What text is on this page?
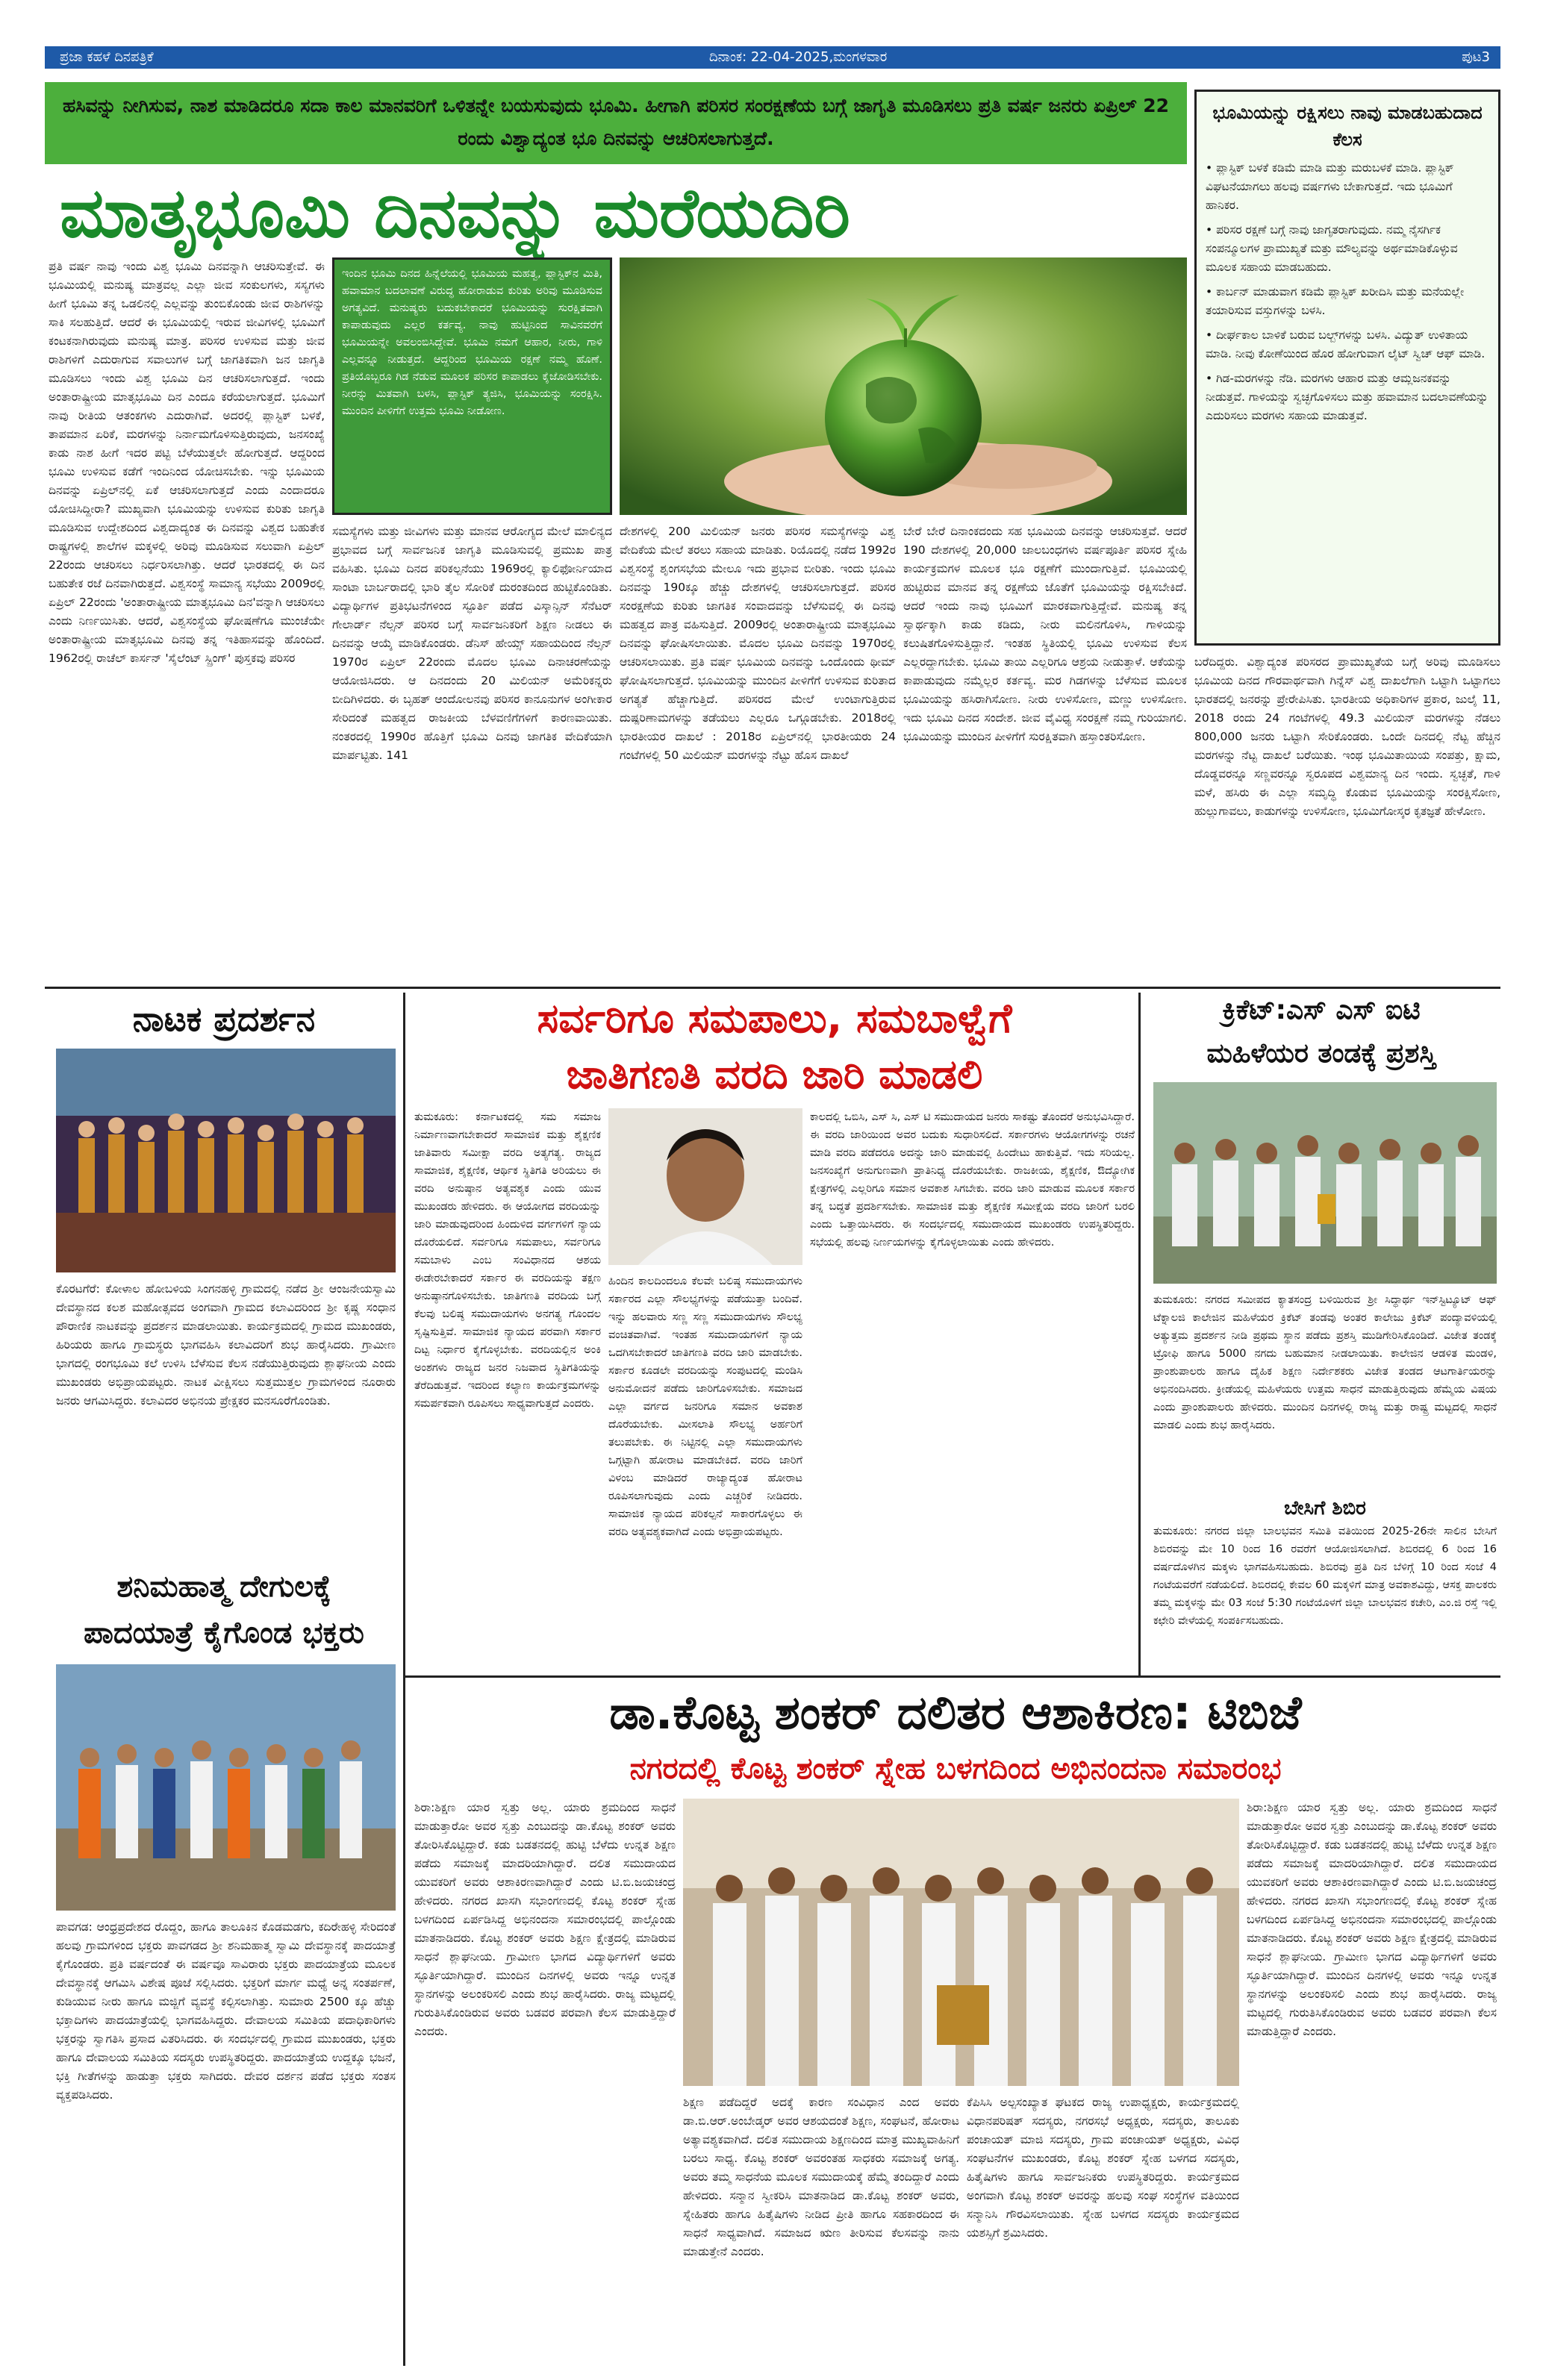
ಪ್ರಜಾ ಕಹಳೆ ದಿನಪತ್ರಿಕೆ	ದಿನಾಂಕ: 22-04-2025,ಮಂಗಳವಾರ	ಪುಟ3
ಹಸಿವನ್ನು ನೀಗಿಸುವ, ನಾಶ ಮಾಡಿದರೂ ಸದಾ ಕಾಲ ಮಾನವರಿಗೆ ಒಳಿತನ್ನೇ ಬಯಸುವುದು ಭೂಮಿ. ಹೀಗಾಗಿ ಪರಿಸರ ಸಂರಕ್ಷಣೆಯ ಬಗ್ಗೆ ಜಾಗೃತಿ ಮೂಡಿಸಲು ಪ್ರತಿ ವರ್ಷ ಜನರು ಏಪ್ರಿಲ್ 22 ರಂದು ವಿಶ್ವಾದ್ಯಂತ ಭೂ ದಿನವನ್ನು ಆಚರಿಸಲಾಗುತ್ತದೆ.
ಮಾತೃಭೂಮಿ ದಿನವನ್ನು ಮರೆಯದಿರಿ
ಪ್ರತಿ ವರ್ಷ ನಾವು ಇಂದು ವಿಶ್ವ ಭೂಮಿ ದಿನವನ್ನಾಗಿ ಆಚರಿಸುತ್ತೇವೆ. ಈ ಭೂಮಿಯಲ್ಲಿ ಮನುಷ್ಯ ಮಾತ್ರವಲ್ಲ ಎಲ್ಲಾ ಜೀವ ಸಂಕುಲಗಳು, ಸಸ್ಯಗಳು ಹೀಗೆ ಭೂಮಿ ತನ್ನ ಒಡಲಿನಲ್ಲಿ ಎಲ್ಲವನ್ನು ತುಂಬಿಕೊಂಡು ಜೀವ ರಾಶಿಗಳನ್ನು ಸಾಕಿ ಸಲಹುತ್ತಿದೆ. ಆದರೆ ಈ ಭೂಮಿಯಲ್ಲಿ ಇರುವ ಜೀವಿಗಳಲ್ಲಿ ಭೂಮಿಗೆ ಕಂಟಕನಾಗಿರುವುದು ಮನುಷ್ಯ ಮಾತ್ರ. ಪರಿಸರ ಉಳಿಸುವ ಮತ್ತು ಜೀವ ರಾಶಿಗಳಿಗೆ ಎದುರಾಗುವ ಸವಾಲುಗಳ ಬಗ್ಗೆ ಜಾಗತಿಕವಾಗಿ ಜನ ಜಾಗೃತಿ ಮೂಡಿಸಲು ಇಂದು ವಿಶ್ವ ಭೂಮಿ ದಿನ ಆಚರಿಸಲಾಗುತ್ತದೆ. ಇಂದು ಅಂತಾರಾಷ್ಟ್ರೀಯ ಮಾತೃಭೂಮಿ ದಿನ ಎಂದೂ ಕರೆಯಲಾಗುತ್ತದೆ. ಭೂಮಿಗೆ ನಾವು ರೀತಿಯ ಆತಂಕಗಳು ಎದುರಾಗಿವೆ. ಅದರಲ್ಲಿ ಪ್ಲಾಸ್ಟಿಕ್ ಬಳಕೆ, ತಾಪಮಾನ ಏರಿಕೆ, ಮರಗಳನ್ನು ನಿರ್ನಾಮಗೊಳಿಸುತ್ತಿರುವುದು, ಜನಸಂಖ್ಯೆ ಕಾಡು ನಾಶ ಹೀಗೆ ಇದರ ಪಟ್ಟಿ ಬೆಳೆಯುತ್ತಲೇ ಹೋಗುತ್ತದೆ. ಆದ್ದರಿಂದ ಭೂಮಿ ಉಳಿಸುವ ಕಡೆಗೆ ಇಂದಿನಿಂದ ಯೋಚಿಸಬೇಕು. ಇನ್ನು ಭೂಮಿಯ ದಿನವನ್ನು ಏಪ್ರಿಲ್‌ನಲ್ಲಿ ಏಕೆ ಆಚರಿಸಲಾಗುತ್ತದೆ ಎಂದು ಎಂದಾದರೂ ಯೋಚಿಸಿದ್ದೀರಾ? ಮುಖ್ಯವಾಗಿ ಭೂಮಿಯನ್ನು ಉಳಿಸುವ ಕುರಿತು ಜಾಗೃತಿ ಮೂಡಿಸುವ ಉದ್ದೇಶದಿಂದ ವಿಶ್ವದಾದ್ಯಂತ ಈ ದಿನವನ್ನು ವಿಶ್ವದ ಬಹುತೇಕ ರಾಷ್ಟ್ರಗಳಲ್ಲಿ ಶಾಲೆಗಳ ಮಕ್ಕಳಲ್ಲಿ ಅರಿವು ಮೂಡಿಸುವ ಸಲುವಾಗಿ ಏಪ್ರಿಲ್ 22ರಂದು ಆಚರಿಸಲು ನಿರ್ಧರಿಸಲಾಗಿತ್ತು. ಆದರೆ ಭಾರತದಲ್ಲಿ ಈ ದಿನ ಬಹುತೇಕ ರಜೆ ದಿನವಾಗಿರುತ್ತದೆ. ವಿಶ್ವಸಂಸ್ಥೆ ಸಾಮಾನ್ಯ ಸಭೆಯು 2009ರಲ್ಲಿ ಏಪ್ರಿಲ್ 22ರಂದು 'ಅಂತಾರಾಷ್ಟ್ರೀಯ ಮಾತೃಭೂಮಿ ದಿನ'ವನ್ನಾಗಿ ಆಚರಿಸಲು ಎಂದು ನಿರ್ಣಯಿಸಿತು. ಆದರೆ, ವಿಶ್ವಸಂಸ್ಥೆಯ ಘೋಷಣೆಗೂ ಮುಂಚೆಯೇ ಅಂತಾರಾಷ್ಟ್ರೀಯ ಮಾತೃಭೂಮಿ ದಿನವು ತನ್ನ ಇತಿಹಾಸವನ್ನು ಹೊಂದಿದೆ. 1962ರಲ್ಲಿ ರಾಚೆಲ್ ಕಾರ್ಸನ್ 'ಸೈಲೆಂಟ್ ಸ್ಪ್ರಿಂಗ್' ಪುಸ್ತಕವು ಪರಿಸರ
ಇಂದಿನ ಭೂಮಿ ದಿನದ ಹಿನ್ನೆಲೆಯಲ್ಲಿ ಭೂಮಿಯ ಮಹತ್ವ, ಪ್ಲಾಸ್ಟಿಕ್‌ನ ಮಿತಿ, ಹವಾಮಾನ ಬದಲಾವಣೆ ವಿರುದ್ಧ ಹೋರಾಡುವ ಕುರಿತು ಅರಿವು ಮೂಡಿಸುವ ಅಗತ್ಯವಿದೆ. ಮನುಷ್ಯರು ಬದುಕಬೇಕಾದರೆ ಭೂಮಿಯನ್ನು ಸುರಕ್ಷಿತವಾಗಿ ಕಾಪಾಡುವುದು ಎಲ್ಲರ ಕರ್ತವ್ಯ. ನಾವು ಹುಟ್ಟಿನಿಂದ ಸಾವಿನವರೆಗೆ ಭೂಮಿಯನ್ನೇ ಅವಲಂಬಿಸಿದ್ದೇವೆ. ಭೂಮಿ ನಮಗೆ ಆಹಾರ, ನೀರು, ಗಾಳಿ ಎಲ್ಲವನ್ನೂ ನೀಡುತ್ತದೆ. ಆದ್ದರಿಂದ ಭೂಮಿಯ ರಕ್ಷಣೆ ನಮ್ಮ ಹೊಣೆ. ಪ್ರತಿಯೊಬ್ಬರೂ ಗಿಡ ನೆಡುವ ಮೂಲಕ ಪರಿಸರ ಕಾಪಾಡಲು ಕೈಜೋಡಿಸಬೇಕು. ನೀರನ್ನು ಮಿತವಾಗಿ ಬಳಸಿ, ಪ್ಲಾಸ್ಟಿಕ್ ತ್ಯಜಿಸಿ, ಭೂಮಿಯನ್ನು ಸಂರಕ್ಷಿಸಿ. ಮುಂದಿನ ಪೀಳಿಗೆಗೆ ಉತ್ತಮ ಭೂಮಿ ನೀಡೋಣ.
ಸಮಸ್ಯೆಗಳು ಮತ್ತು ಜೀವಿಗಳು ಮತ್ತು ಮಾನವ ಆರೋಗ್ಯದ ಮೇಲೆ ಮಾಲಿನ್ಯದ ಪ್ರಭಾವದ ಬಗ್ಗೆ ಸಾರ್ವಜನಿಕ ಜಾಗೃತಿ ಮೂಡಿಸುವಲ್ಲಿ ಪ್ರಮುಖ ಪಾತ್ರ ವಹಿಸಿತು. ಭೂಮಿ ದಿನದ ಪರಿಕಲ್ಪನೆಯು 1969ರಲ್ಲಿ ಕ್ಯಾಲಿಫೋರ್ನಿಯಾದ ಸಾಂಟಾ ಬಾರ್ಬರಾದಲ್ಲಿ ಭಾರಿ ತೈಲ ಸೋರಿಕೆ ದುರಂತದಿಂದ ಹುಟ್ಟಿಕೊಂಡಿತು. ವಿದ್ಯಾರ್ಥಿಗಳ ಪ್ರತಿಭಟನೆಗಳಿಂದ ಸ್ಫೂರ್ತಿ ಪಡೆದ ವಿಸ್ಕಾನ್ಸಿನ್ ಸೆನೆಟರ್ ಗೇಲಾರ್ಡ್ ನೆಲ್ಸನ್ ಪರಿಸರ ಬಗ್ಗೆ ಸಾರ್ವಜನಿಕರಿಗೆ ಶಿಕ್ಷಣ ನೀಡಲು ಈ ದಿನವನ್ನು ಆಯ್ಕೆ ಮಾಡಿಕೊಂಡರು. ಡೆನಿಸ್ ಹೇಯ್ಸ್ ಸಹಾಯದಿಂದ ನೆಲ್ಸನ್ 1970ರ ಏಪ್ರಿಲ್ 22ರಂದು ಮೊದಲ ಭೂಮಿ ದಿನಾಚರಣೆಯನ್ನು ಆಯೋಜಿಸಿದರು. ಆ ದಿನದಂದು 20 ಮಿಲಿಯನ್ ಅಮೆರಿಕನ್ನರು ಬೀದಿಗಿಳಿದರು. ಈ ಬೃಹತ್ ಆಂದೋಲನವು ಪರಿಸರ ಕಾನೂನುಗಳ ಅಂಗೀಕಾರ ಸೇರಿದಂತೆ ಮಹತ್ವದ ರಾಜಕೀಯ ಬೆಳವಣಿಗೆಗಳಿಗೆ ಕಾರಣವಾಯಿತು. ನಂತರದಲ್ಲಿ 1990ರ ಹೊತ್ತಿಗೆ ಭೂಮಿ ದಿನವು ಜಾಗತಿಕ ವೇದಿಕೆಯಾಗಿ ಮಾರ್ಪಟ್ಟಿತು. 141
ದೇಶಗಳಲ್ಲಿ 200 ಮಿಲಿಯನ್ ಜನರು ಪರಿಸರ ಸಮಸ್ಯೆಗಳನ್ನು ವಿಶ್ವ ವೇದಿಕೆಯ ಮೇಲೆ ತರಲು ಸಹಾಯ ಮಾಡಿತು. ರಿಯೊದಲ್ಲಿ ನಡೆದ 1992ರ ವಿಶ್ವಸಂಸ್ಥೆ ಶೃಂಗಸಭೆಯ ಮೇಲೂ ಇದು ಪ್ರಭಾವ ಬೀರಿತು. ಇಂದು ಭೂಮಿ ದಿನವನ್ನು 190ಕ್ಕೂ ಹೆಚ್ಚು ದೇಶಗಳಲ್ಲಿ ಆಚರಿಸಲಾಗುತ್ತದೆ. ಪರಿಸರ ಸಂರಕ್ಷಣೆಯ ಕುರಿತು ಜಾಗತಿಕ ಸಂವಾದವನ್ನು ಬೆಳೆಸುವಲ್ಲಿ ಈ ದಿನವು ಮಹತ್ವದ ಪಾತ್ರ ವಹಿಸುತ್ತಿದೆ. 2009ರಲ್ಲಿ ಅಂತಾರಾಷ್ಟ್ರೀಯ ಮಾತೃಭೂಮಿ ದಿನವನ್ನು ಘೋಷಿಸಲಾಯಿತು. ಮೊದಲ ಭೂಮಿ ದಿನವನ್ನು 1970ರಲ್ಲಿ ಆಚರಿಸಲಾಯಿತು. ಪ್ರತಿ ವರ್ಷ ಭೂಮಿಯ ದಿನವನ್ನು ಒಂದೊಂದು ಥೀಮ್ ಘೋಷಿಸಲಾಗುತ್ತದೆ. ಭೂಮಿಯನ್ನು ಮುಂದಿನ ಪೀಳಿಗೆಗೆ ಉಳಿಸುವ ಕುರಿತಾದ ಅಗತ್ಯತೆ ಹೆಚ್ಚಾಗುತ್ತಿದೆ. ಪರಿಸರದ ಮೇಲೆ ಉಂಟಾಗುತ್ತಿರುವ ದುಷ್ಪರಿಣಾಮಗಳನ್ನು ತಡೆಯಲು ಎಲ್ಲರೂ ಒಗ್ಗೂಡಬೇಕು. 2018ರಲ್ಲಿ ಭಾರತೀಯರ ದಾಖಲೆ : 2018ರ ಏಪ್ರಿಲ್‌ನಲ್ಲಿ ಭಾರತೀಯರು 24 ಗಂಟೆಗಳಲ್ಲಿ 50 ಮಿಲಿಯನ್ ಮರಗಳನ್ನು ನೆಟ್ಟು ಹೊಸ ದಾಖಲೆ
ಬೇರೆ ಬೇರೆ ದಿನಾಂಕದಂದು ಸಹ ಭೂಮಿಯ ದಿನವನ್ನು ಆಚರಿಸುತ್ತವೆ. ಆದರೆ 190 ದೇಶಗಳಲ್ಲಿ 20,000 ಜಾಲಬಂಧಗಳು ವರ್ಷಪೂರ್ತಿ ಪರಿಸರ ಸ್ನೇಹಿ ಕಾರ್ಯಕ್ರಮಗಳ ಮೂಲಕ ಭೂ ರಕ್ಷಣೆಗೆ ಮುಂದಾಗುತ್ತಿವೆ. ಭೂಮಿಯಲ್ಲಿ ಹುಟ್ಟಿರುವ ಮಾನವ ತನ್ನ ರಕ್ಷಣೆಯ ಜೊತೆಗೆ ಭೂಮಿಯನ್ನು ರಕ್ಷಿಸಬೇಕಿದೆ. ಆದರೆ ಇಂದು ನಾವು ಭೂಮಿಗೆ ಮಾರಕವಾಗುತ್ತಿದ್ದೇವೆ. ಮನುಷ್ಯ ತನ್ನ ಸ್ವಾರ್ಥಕ್ಕಾಗಿ ಕಾಡು ಕಡಿದು, ನೀರು ಮಲಿನಗೊಳಿಸಿ, ಗಾಳಿಯನ್ನು ಕಲುಷಿತಗೊಳಿಸುತ್ತಿದ್ದಾನೆ. ಇಂತಹ ಸ್ಥಿತಿಯಲ್ಲಿ ಭೂಮಿ ಉಳಿಸುವ ಕೆಲಸ ಎಲ್ಲರದ್ದಾಗಬೇಕು. ಭೂಮಿ ತಾಯಿ ಎಲ್ಲರಿಗೂ ಆಶ್ರಯ ನೀಡುತ್ತಾಳೆ. ಆಕೆಯನ್ನು ಕಾಪಾಡುವುದು ನಮ್ಮೆಲ್ಲರ ಕರ್ತವ್ಯ. ಮರ ಗಿಡಗಳನ್ನು ಬೆಳೆಸುವ ಮೂಲಕ ಭೂಮಿಯನ್ನು ಹಸಿರಾಗಿಸೋಣ. ನೀರು ಉಳಿಸೋಣ, ಮಣ್ಣು ಉಳಿಸೋಣ. ಇದು ಭೂಮಿ ದಿನದ ಸಂದೇಶ. ಜೀವ ವೈವಿಧ್ಯ ಸಂರಕ್ಷಣೆ ನಮ್ಮ ಗುರಿಯಾಗಲಿ. ಭೂಮಿಯನ್ನು ಮುಂದಿನ ಪೀಳಿಗೆಗೆ ಸುರಕ್ಷಿತವಾಗಿ ಹಸ್ತಾಂತರಿಸೋಣ.
ಭೂಮಿಯನ್ನು ರಕ್ಷಿಸಲು ನಾವು ಮಾಡಬಹುದಾದ ಕೆಲಸ
• ಪ್ಲಾಸ್ಟಿಕ್ ಬಳಕೆ ಕಡಿಮೆ ಮಾಡಿ ಮತ್ತು ಮರುಬಳಕೆ ಮಾಡಿ. ಪ್ಲಾಸ್ಟಿಕ್ ವಿಘಟನೆಯಾಗಲು ಹಲವು ವರ್ಷಗಳು ಬೇಕಾಗುತ್ತದೆ. ಇದು ಭೂಮಿಗೆ ಹಾನಿಕರ.
• ಪರಿಸರ ರಕ್ಷಣೆ ಬಗ್ಗೆ ನಾವು ಜಾಗೃತರಾಗುವುದು. ನಮ್ಮ ನೈಸರ್ಗಿಕ ಸಂಪನ್ಮೂಲಗಳ ಪ್ರಾಮುಖ್ಯತೆ ಮತ್ತು ಮೌಲ್ಯವನ್ನು ಅರ್ಥಮಾಡಿಕೊಳ್ಳುವ ಮೂಲಕ ಸಹಾಯ ಮಾಡಬಹುದು.
• ಕಾರ್ಬನ್ ಮಾಡುವಾಗ ಕಡಿಮೆ ಪ್ಲಾಸ್ಟಿಕ್ ಖರೀದಿಸಿ ಮತ್ತು ಮನೆಯಲ್ಲೇ ತಯಾರಿಸುವ ವಸ್ತುಗಳನ್ನು ಬಳಸಿ.
• ದೀರ್ಘಕಾಲ ಬಾಳಿಕೆ ಬರುವ ಬಲ್ಬ್‌ಗಳನ್ನು ಬಳಸಿ. ವಿದ್ಯುತ್ ಉಳಿತಾಯ ಮಾಡಿ. ನೀವು ಕೋಣೆಯಿಂದ ಹೊರ ಹೋಗುವಾಗ ಲೈಟ್ ಸ್ವಿಚ್ ಆಫ್ ಮಾಡಿ.
• ಗಿಡ-ಮರಗಳನ್ನು ನೆಡಿ. ಮರಗಳು ಆಹಾರ ಮತ್ತು ಆಮ್ಲಜನಕವನ್ನು ನೀಡುತ್ತವೆ. ಗಾಳಿಯನ್ನು ಸ್ವಚ್ಛಗೊಳಿಸಲು ಮತ್ತು ಹವಾಮಾನ ಬದಲಾವಣೆಯನ್ನು ಎದುರಿಸಲು ಮರಗಳು ಸಹಾಯ ಮಾಡುತ್ತವೆ.
ಬರೆದಿದ್ದರು. ವಿಶ್ವಾದ್ಯಂತ ಪರಿಸರದ ಪ್ರಾಮುಖ್ಯತೆಯ ಬಗ್ಗೆ ಅರಿವು ಮೂಡಿಸಲು ಭೂಮಿಯ ದಿನದ ಗೌರವಾರ್ಥವಾಗಿ ಗಿನ್ನೆಸ್ ವಿಶ್ವ ದಾಖಲೆಗಾಗಿ ಒಟ್ಟಾಗಿ ಒಟ್ಟಾಗಲು ಭಾರತದಲ್ಲಿ ಜನರನ್ನು ಪ್ರೇರೇಪಿಸಿತು. ಭಾರತೀಯ ಅಧಿಕಾರಿಗಳ ಪ್ರಕಾರ, ಜುಲೈ 11, 2018 ರಂದು 24 ಗಂಟೆಗಳಲ್ಲಿ 49.3 ಮಿಲಿಯನ್ ಮರಗಳನ್ನು ನೆಡಲು 800,000 ಜನರು ಒಟ್ಟಾಗಿ ಸೇರಿಕೊಂಡರು. ಒಂದೇ ದಿನದಲ್ಲಿ ನೆಟ್ಟ ಹೆಚ್ಚಿನ ಮರಗಳನ್ನು ನೆಟ್ಟ ದಾಖಲೆ ಬರೆಯಿತು. ಇಂಥ ಭೂಮಿತಾಯಿಯ ಸಂಪತ್ತು, ಕ್ಷಾಮ, ದೊಡ್ಡವರನ್ನೂ ಸಣ್ಣವರನ್ನೂ ಸ್ವರೂಪದ ವಿಶ್ವಮಾನ್ಯ ದಿನ ಇಂದು. ಸ್ವಚ್ಛತೆ, ಗಾಳಿ ಮಳೆ, ಹಸಿರು ಈ ಎಲ್ಲಾ ಸಮೃದ್ಧಿ ಕೊಡುವ ಭೂಮಿಯನ್ನು ಸಂರಕ್ಷಿಸೋಣ, ಹುಲ್ಲುಗಾವಲು, ಕಾಡುಗಳನ್ನು ಉಳಿಸೋಣ, ಭೂಮಿಗೋಸ್ಕರ ಕೃತಜ್ಞತೆ ಹೇಳೋಣ.
ನಾಟಕ ಪ್ರದರ್ಶನ
ಕೊರಟಗೆರೆ: ಕೋಳಾಲ ಹೋಬಳಿಯ ಸಿಂಗನಹಳ್ಳಿ ಗ್ರಾಮದಲ್ಲಿ ನಡೆದ ಶ್ರೀ ಆಂಜನೇಯಸ್ವಾಮಿ ದೇವಸ್ಥಾನದ ಕಲಶ ಮಹೋತ್ಸವದ ಅಂಗವಾಗಿ ಗ್ರಾಮದ ಕಲಾವಿದರಿಂದ ಶ್ರೀ ಕೃಷ್ಣ ಸಂಧಾನ ಪೌರಾಣಿಕ ನಾಟಕವನ್ನು ಪ್ರದರ್ಶನ ಮಾಡಲಾಯಿತು. ಕಾರ್ಯಕ್ರಮದಲ್ಲಿ ಗ್ರಾಮದ ಮುಖಂಡರು, ಹಿರಿಯರು ಹಾಗೂ ಗ್ರಾಮಸ್ಥರು ಭಾಗವಹಿಸಿ ಕಲಾವಿದರಿಗೆ ಶುಭ ಹಾರೈಸಿದರು. ಗ್ರಾಮೀಣ ಭಾಗದಲ್ಲಿ ರಂಗಭೂಮಿ ಕಲೆ ಉಳಿಸಿ ಬೆಳೆಸುವ ಕೆಲಸ ನಡೆಯುತ್ತಿರುವುದು ಶ್ಲಾಘನೀಯ ಎಂದು ಮುಖಂಡರು ಅಭಿಪ್ರಾಯಪಟ್ಟರು. ನಾಟಕ ವೀಕ್ಷಿಸಲು ಸುತ್ತಮುತ್ತಲ ಗ್ರಾಮಗಳಿಂದ ನೂರಾರು ಜನರು ಆಗಮಿಸಿದ್ದರು. ಕಲಾವಿದರ ಅಭಿನಯ ಪ್ರೇಕ್ಷಕರ ಮನಸೂರೆಗೊಂಡಿತು.
ಶನಿಮಹಾತ್ಮ ದೇಗುಲಕ್ಕೆ
ಪಾದಯಾತ್ರೆ ಕೈಗೊಂಡ ಭಕ್ತರು
ಪಾವಗಡ: ಆಂಧ್ರಪ್ರದೇಶದ ರೊದ್ದಂ, ಹಾಗೂ ತಾಲೂಕಿನ ಕೊಡಮಡಗು, ಕದಿರೇಹಳ್ಳಿ ಸೇರಿದಂತೆ ಹಲವು ಗ್ರಾಮಗಳಿಂದ ಭಕ್ತರು ಪಾವಗಡದ ಶ್ರೀ ಶನಿಮಹಾತ್ಮ ಸ್ವಾಮಿ ದೇವಸ್ಥಾನಕ್ಕೆ ಪಾದಯಾತ್ರೆ ಕೈಗೊಂಡರು. ಪ್ರತಿ ವರ್ಷದಂತೆ ಈ ವರ್ಷವೂ ಸಾವಿರಾರು ಭಕ್ತರು ಪಾದಯಾತ್ರೆಯ ಮೂಲಕ ದೇವಸ್ಥಾನಕ್ಕೆ ಆಗಮಿಸಿ ವಿಶೇಷ ಪೂಜೆ ಸಲ್ಲಿಸಿದರು. ಭಕ್ತರಿಗೆ ಮಾರ್ಗ ಮಧ್ಯೆ ಅನ್ನ ಸಂತರ್ಪಣೆ, ಕುಡಿಯುವ ನೀರು ಹಾಗೂ ಮಜ್ಜಿಗೆ ವ್ಯವಸ್ಥೆ ಕಲ್ಪಿಸಲಾಗಿತ್ತು. ಸುಮಾರು 2500 ಕ್ಕೂ ಹೆಚ್ಚು ಭಕ್ತಾದಿಗಳು ಪಾದಯಾತ್ರೆಯಲ್ಲಿ ಭಾಗವಹಿಸಿದ್ದರು. ದೇವಾಲಯ ಸಮಿತಿಯ ಪದಾಧಿಕಾರಿಗಳು ಭಕ್ತರನ್ನು ಸ್ವಾಗತಿಸಿ ಪ್ರಸಾದ ವಿತರಿಸಿದರು. ಈ ಸಂದರ್ಭದಲ್ಲಿ ಗ್ರಾಮದ ಮುಖಂಡರು, ಭಕ್ತರು ಹಾಗೂ ದೇವಾಲಯ ಸಮಿತಿಯ ಸದಸ್ಯರು ಉಪಸ್ಥಿತರಿದ್ದರು. ಪಾದಯಾತ್ರೆಯ ಉದ್ದಕ್ಕೂ ಭಜನೆ, ಭಕ್ತಿ ಗೀತೆಗಳನ್ನು ಹಾಡುತ್ತಾ ಭಕ್ತರು ಸಾಗಿದರು. ದೇವರ ದರ್ಶನ ಪಡೆದ ಭಕ್ತರು ಸಂತಸ ವ್ಯಕ್ತಪಡಿಸಿದರು.
ಸರ್ವರಿಗೂ ಸಮಪಾಲು, ಸಮಬಾಳ್ವೆಗೆ
ಜಾತಿಗಣತಿ ವರದಿ ಜಾರಿ ಮಾಡಲಿ
ತುಮಕೂರು: ಕರ್ನಾಟಕದಲ್ಲಿ ಸಮ ಸಮಾಜ ನಿರ್ಮಾಣವಾಗಬೇಕಾದರೆ ಸಾಮಾಜಿಕ ಮತ್ತು ಶೈಕ್ಷಣಿಕ ಜಾತಿವಾರು ಸಮೀಕ್ಷಾ ವರದಿ ಅತ್ಯಗತ್ಯ. ರಾಜ್ಯದ ಸಾಮಾಜಿಕ, ಶೈಕ್ಷಣಿಕ, ಆರ್ಥಿಕ ಸ್ಥಿತಿಗತಿ ಅರಿಯಲು ಈ ವರದಿ ಅನುಷ್ಠಾನ ಅತ್ಯವಶ್ಯಕ ಎಂದು ಯುವ ಮುಖಂಡರು ಹೇಳಿದರು. ಈ ಆಯೋಗದ ವರದಿಯನ್ನು ಜಾರಿ ಮಾಡುವುದರಿಂದ ಹಿಂದುಳಿದ ವರ್ಗಗಳಿಗೆ ನ್ಯಾಯ ದೊರೆಯಲಿದೆ. ಸರ್ವರಿಗೂ ಸಮಪಾಲು, ಸರ್ವರಿಗೂ ಸಮಬಾಳು ಎಂಬ ಸಂವಿಧಾನದ ಆಶಯ ಈಡೇರಬೇಕಾದರೆ ಸರ್ಕಾರ ಈ ವರದಿಯನ್ನು ತಕ್ಷಣ ಅನುಷ್ಠಾನಗೊಳಿಸಬೇಕು. ಜಾತಿಗಣತಿ ವರದಿಯ ಬಗ್ಗೆ ಕೆಲವು ಬಲಿಷ್ಠ ಸಮುದಾಯಗಳು ಅನಗತ್ಯ ಗೊಂದಲ ಸೃಷ್ಟಿಸುತ್ತಿವೆ. ಸಾಮಾಜಿಕ ನ್ಯಾಯದ ಪರವಾಗಿ ಸರ್ಕಾರ ದಿಟ್ಟ ನಿರ್ಧಾರ ಕೈಗೊಳ್ಳಬೇಕು. ವರದಿಯಲ್ಲಿನ ಅಂಕಿ ಅಂಶಗಳು ರಾಜ್ಯದ ಜನರ ನಿಜವಾದ ಸ್ಥಿತಿಗತಿಯನ್ನು ತೆರೆದಿಡುತ್ತವೆ. ಇದರಿಂದ ಕಲ್ಯಾಣ ಕಾರ್ಯಕ್ರಮಗಳನ್ನು ಸಮರ್ಪಕವಾಗಿ ರೂಪಿಸಲು ಸಾಧ್ಯವಾಗುತ್ತದೆ ಎಂದರು.
ಹಿಂದಿನ ಕಾಲದಿಂದಲೂ ಕೆಲವೇ ಬಲಿಷ್ಠ ಸಮುದಾಯಗಳು ಸರ್ಕಾರದ ಎಲ್ಲಾ ಸೌಲಭ್ಯಗಳನ್ನು ಪಡೆಯುತ್ತಾ ಬಂದಿವೆ. ಇನ್ನು ಹಲವಾರು ಸಣ್ಣ ಸಣ್ಣ ಸಮುದಾಯಗಳು ಸೌಲಭ್ಯ ವಂಚಿತವಾಗಿವೆ. ಇಂತಹ ಸಮುದಾಯಗಳಿಗೆ ನ್ಯಾಯ ಒದಗಿಸಬೇಕಾದರೆ ಜಾತಿಗಣತಿ ವರದಿ ಜಾರಿ ಮಾಡಬೇಕು. ಸರ್ಕಾರ ಕೂಡಲೇ ವರದಿಯನ್ನು ಸಂಪುಟದಲ್ಲಿ ಮಂಡಿಸಿ ಅನುಮೋದನೆ ಪಡೆದು ಜಾರಿಗೊಳಿಸಬೇಕು. ಸಮಾಜದ ಎಲ್ಲಾ ವರ್ಗದ ಜನರಿಗೂ ಸಮಾನ ಅವಕಾಶ ದೊರೆಯಬೇಕು. ಮೀಸಲಾತಿ ಸೌಲಭ್ಯ ಅರ್ಹರಿಗೆ ತಲುಪಬೇಕು. ಈ ನಿಟ್ಟಿನಲ್ಲಿ ಎಲ್ಲಾ ಸಮುದಾಯಗಳು ಒಗ್ಗಟ್ಟಾಗಿ ಹೋರಾಟ ಮಾಡಬೇಕಿದೆ. ವರದಿ ಜಾರಿಗೆ ವಿಳಂಬ ಮಾಡಿದರೆ ರಾಜ್ಯಾದ್ಯಂತ ಹೋರಾಟ ರೂಪಿಸಲಾಗುವುದು ಎಂದು ಎಚ್ಚರಿಕೆ ನೀಡಿದರು. ಸಾಮಾಜಿಕ ನ್ಯಾಯದ ಪರಿಕಲ್ಪನೆ ಸಾಕಾರಗೊಳ್ಳಲು ಈ ವರದಿ ಅತ್ಯವಶ್ಯಕವಾಗಿದೆ ಎಂದು ಅಭಿಪ್ರಾಯಪಟ್ಟರು.
ಕಾಲದಲ್ಲಿ ಒಬಿಸಿ, ಎಸ್ ಸಿ, ಎಸ್ ಟಿ ಸಮುದಾಯದ ಜನರು ಸಾಕಷ್ಟು ತೊಂದರೆ ಅನುಭವಿಸಿದ್ದಾರೆ. ಈ ವರದಿ ಜಾರಿಯಿಂದ ಅವರ ಬದುಕು ಸುಧಾರಿಸಲಿದೆ. ಸರ್ಕಾರಗಳು ಆಯೋಗಗಳನ್ನು ರಚನೆ ಮಾಡಿ ವರದಿ ಪಡೆದರೂ ಅದನ್ನು ಜಾರಿ ಮಾಡುವಲ್ಲಿ ಹಿಂದೇಟು ಹಾಕುತ್ತಿವೆ. ಇದು ಸರಿಯಲ್ಲ. ಜನಸಂಖ್ಯೆಗೆ ಅನುಗುಣವಾಗಿ ಪ್ರಾತಿನಿಧ್ಯ ದೊರೆಯಬೇಕು. ರಾಜಕೀಯ, ಶೈಕ್ಷಣಿಕ, ಔದ್ಯೋಗಿಕ ಕ್ಷೇತ್ರಗಳಲ್ಲಿ ಎಲ್ಲರಿಗೂ ಸಮಾನ ಅವಕಾಶ ಸಿಗಬೇಕು. ವರದಿ ಜಾರಿ ಮಾಡುವ ಮೂಲಕ ಸರ್ಕಾರ ತನ್ನ ಬದ್ಧತೆ ಪ್ರದರ್ಶಿಸಬೇಕು. ಸಾಮಾಜಿಕ ಮತ್ತು ಶೈಕ್ಷಣಿಕ ಸಮೀಕ್ಷೆಯ ವರದಿ ಜಾರಿಗೆ ಬರಲಿ ಎಂದು ಒತ್ತಾಯಿಸಿದರು. ಈ ಸಂದರ್ಭದಲ್ಲಿ ಸಮುದಾಯದ ಮುಖಂಡರು ಉಪಸ್ಥಿತರಿದ್ದರು. ಸಭೆಯಲ್ಲಿ ಹಲವು ನಿರ್ಣಯಗಳನ್ನು ಕೈಗೊಳ್ಳಲಾಯಿತು ಎಂದು ಹೇಳಿದರು.
ಕ್ರಿಕೆಟ್:ಎಸ್ ಎಸ್ ಐಟಿ
ಮಹಿಳೆಯರ ತಂಡಕ್ಕೆ ಪ್ರಶಸ್ತಿ
ತುಮಕೂರು: ನಗರದ ಸಮೀಪದ ಕ್ಯಾತಸಂದ್ರ ಬಳಿಯಿರುವ ಶ್ರೀ ಸಿದ್ಧಾರ್ಥ ಇನ್‌ಸ್ಟಿಟ್ಯೂಟ್ ಆಫ್ ಟೆಕ್ನಾಲಜಿ ಕಾಲೇಜಿನ ಮಹಿಳೆಯರ ಕ್ರಿಕೆಟ್ ತಂಡವು ಅಂತರ ಕಾಲೇಜು ಕ್ರಿಕೆಟ್ ಪಂದ್ಯಾವಳಿಯಲ್ಲಿ ಅತ್ಯುತ್ತಮ ಪ್ರದರ್ಶನ ನೀಡಿ ಪ್ರಥಮ ಸ್ಥಾನ ಪಡೆದು ಪ್ರಶಸ್ತಿ ಮುಡಿಗೇರಿಸಿಕೊಂಡಿದೆ. ವಿಜೇತ ತಂಡಕ್ಕೆ ಟ್ರೋಫಿ ಹಾಗೂ 5000 ನಗದು ಬಹುಮಾನ ನೀಡಲಾಯಿತು. ಕಾಲೇಜಿನ ಆಡಳಿತ ಮಂಡಳಿ, ಪ್ರಾಂಶುಪಾಲರು ಹಾಗೂ ದೈಹಿಕ ಶಿಕ್ಷಣ ನಿರ್ದೇಶಕರು ವಿಜೇತ ತಂಡದ ಆಟಗಾರ್ತಿಯರನ್ನು ಅಭಿನಂದಿಸಿದರು. ಕ್ರೀಡೆಯಲ್ಲಿ ಮಹಿಳೆಯರು ಉತ್ತಮ ಸಾಧನೆ ಮಾಡುತ್ತಿರುವುದು ಹೆಮ್ಮೆಯ ವಿಷಯ ಎಂದು ಪ್ರಾಂಶುಪಾಲರು ಹೇಳಿದರು. ಮುಂದಿನ ದಿನಗಳಲ್ಲಿ ರಾಜ್ಯ ಮತ್ತು ರಾಷ್ಟ್ರ ಮಟ್ಟದಲ್ಲಿ ಸಾಧನೆ ಮಾಡಲಿ ಎಂದು ಶುಭ ಹಾರೈಸಿದರು.
ಬೇಸಿಗೆ ಶಿಬಿರ
ತುಮಕೂರು: ನಗರದ ಜಿಲ್ಲಾ ಬಾಲಭವನ ಸಮಿತಿ ವತಿಯಿಂದ 2025-26ನೇ ಸಾಲಿನ ಬೇಸಿಗೆ ಶಿಬಿರವನ್ನು ಮೇ 10 ರಿಂದ 16 ರವರೆಗೆ ಆಯೋಜಿಸಲಾಗಿದೆ. ಶಿಬಿರದಲ್ಲಿ 6 ರಿಂದ 16 ವರ್ಷದೊಳಗಿನ ಮಕ್ಕಳು ಭಾಗವಹಿಸಬಹುದು. ಶಿಬಿರವು ಪ್ರತಿ ದಿನ ಬೆಳಿಗ್ಗೆ 10 ರಿಂದ ಸಂಜೆ 4 ಗಂಟೆಯವರೆಗೆ ನಡೆಯಲಿದೆ. ಶಿಬಿರದಲ್ಲಿ ಕೇವಲ 60 ಮಕ್ಕಳಿಗೆ ಮಾತ್ರ ಅವಕಾಶವಿದ್ದು, ಆಸಕ್ತ ಪಾಲಕರು ತಮ್ಮ ಮಕ್ಕಳನ್ನು ಮೇ 03 ಸಂಜೆ 5:30 ಗಂಟೆಯೊಳಗೆ ಜಿಲ್ಲಾ ಬಾಲಭವನ ಕಚೇರಿ, ಎಂ.ಜಿ ರಸ್ತೆ ಇಲ್ಲಿ ಕಛೇರಿ ವೇಳೆಯಲ್ಲಿ ಸಂಪರ್ಕಿಸಬಹುದು.
ಡಾ.ಕೊಟ್ಟ ಶಂಕರ್ ದಲಿತರ ಆಶಾಕಿರಣ: ಟಿಬಿಜೆ
ನಗರದಲ್ಲಿ ಕೊಟ್ಟ ಶಂಕರ್ ಸ್ನೇಹ ಬಳಗದಿಂದ ಅಭಿನಂದನಾ ಸಮಾರಂಭ
ಶಿರಾ:ಶಿಕ್ಷಣ ಯಾರ ಸ್ವತ್ತು ಅಲ್ಲ. ಯಾರು ಶ್ರಮದಿಂದ ಸಾಧನೆ ಮಾಡುತ್ತಾರೋ ಅವರ ಸ್ವತ್ತು ಎಂಬುದನ್ನು ಡಾ.ಕೊಟ್ಟ ಶಂಕರ್ ಅವರು ತೋರಿಸಿಕೊಟ್ಟಿದ್ದಾರೆ. ಕಡು ಬಡತನದಲ್ಲಿ ಹುಟ್ಟಿ ಬೆಳೆದು ಉನ್ನತ ಶಿಕ್ಷಣ ಪಡೆದು ಸಮಾಜಕ್ಕೆ ಮಾದರಿಯಾಗಿದ್ದಾರೆ. ದಲಿತ ಸಮುದಾಯದ ಯುವಕರಿಗೆ ಅವರು ಆಶಾಕಿರಣವಾಗಿದ್ದಾರೆ ಎಂದು ಟಿ.ಬಿ.ಜಯಚಂದ್ರ ಹೇಳಿದರು. ನಗರದ ಖಾಸಗಿ ಸಭಾಂಗಣದಲ್ಲಿ ಕೊಟ್ಟ ಶಂಕರ್ ಸ್ನೇಹ ಬಳಗದಿಂದ ಏರ್ಪಡಿಸಿದ್ದ ಅಭಿನಂದನಾ ಸಮಾರಂಭದಲ್ಲಿ ಪಾಲ್ಗೊಂಡು ಮಾತನಾಡಿದರು. ಕೊಟ್ಟ ಶಂಕರ್ ಅವರು ಶಿಕ್ಷಣ ಕ್ಷೇತ್ರದಲ್ಲಿ ಮಾಡಿರುವ ಸಾಧನೆ ಶ್ಲಾಘನೀಯ. ಗ್ರಾಮೀಣ ಭಾಗದ ವಿದ್ಯಾರ್ಥಿಗಳಿಗೆ ಅವರು ಸ್ಫೂರ್ತಿಯಾಗಿದ್ದಾರೆ. ಮುಂದಿನ ದಿನಗಳಲ್ಲಿ ಅವರು ಇನ್ನೂ ಉನ್ನತ ಸ್ಥಾನಗಳನ್ನು ಅಲಂಕರಿಸಲಿ ಎಂದು ಶುಭ ಹಾರೈಸಿದರು. ರಾಜ್ಯ ಮಟ್ಟದಲ್ಲಿ ಗುರುತಿಸಿಕೊಂಡಿರುವ ಅವರು ಬಡವರ ಪರವಾಗಿ ಕೆಲಸ ಮಾಡುತ್ತಿದ್ದಾರೆ ಎಂದರು.
ಶಿಕ್ಷಣ ಪಡೆದಿದ್ದರೆ ಅದಕ್ಕೆ ಕಾರಣ ಸಂವಿಧಾನ ಎಂದ ಅವರು ಡಾ.ಬಿ.ಆರ್.ಅಂಬೇಡ್ಕರ್ ಅವರ ಆಶಯದಂತೆ ಶಿಕ್ಷಣ, ಸಂಘಟನೆ, ಹೋರಾಟ ಅತ್ಯಾವಶ್ಯಕವಾಗಿದೆ. ದಲಿತ ಸಮುದಾಯ ಶಿಕ್ಷಣದಿಂದ ಮಾತ್ರ ಮುಖ್ಯವಾಹಿನಿಗೆ ಬರಲು ಸಾಧ್ಯ. ಕೊಟ್ಟ ಶಂಕರ್ ಅವರಂತಹ ಸಾಧಕರು ಸಮಾಜಕ್ಕೆ ಅಗತ್ಯ. ಅವರು ತಮ್ಮ ಸಾಧನೆಯ ಮೂಲಕ ಸಮುದಾಯಕ್ಕೆ ಹೆಮ್ಮೆ ತಂದಿದ್ದಾರೆ ಎಂದು ಹೇಳಿದರು. ಸನ್ಮಾನ ಸ್ವೀಕರಿಸಿ ಮಾತನಾಡಿದ ಡಾ.ಕೊಟ್ಟ ಶಂಕರ್ ಅವರು, ಸ್ನೇಹಿತರು ಹಾಗೂ ಹಿತೈಷಿಗಳು ನೀಡಿದ ಪ್ರೀತಿ ಹಾಗೂ ಸಹಕಾರದಿಂದ ಈ ಸಾಧನೆ ಸಾಧ್ಯವಾಗಿದೆ. ಸಮಾಜದ ಋಣ ತೀರಿಸುವ ಕೆಲಸವನ್ನು ನಾನು ಮಾಡುತ್ತೇನೆ ಎಂದರು.
ಕೆಪಿಸಿಸಿ ಅಲ್ಪಸಂಖ್ಯಾತ ಘಟಕದ ರಾಜ್ಯ ಉಪಾಧ್ಯಕ್ಷರು, ಕಾರ್ಯಕ್ರಮದಲ್ಲಿ ವಿಧಾನಪರಿಷತ್ ಸದಸ್ಯರು, ನಗರಸಭೆ ಅಧ್ಯಕ್ಷರು, ಸದಸ್ಯರು, ತಾಲೂಕು ಪಂಚಾಯತ್ ಮಾಜಿ ಸದಸ್ಯರು, ಗ್ರಾಮ ಪಂಚಾಯತ್ ಅಧ್ಯಕ್ಷರು, ವಿವಿಧ ಸಂಘಟನೆಗಳ ಮುಖಂಡರು, ಕೊಟ್ಟ ಶಂಕರ್ ಸ್ನೇಹ ಬಳಗದ ಸದಸ್ಯರು, ಹಿತೈಷಿಗಳು ಹಾಗೂ ಸಾರ್ವಜನಿಕರು ಉಪಸ್ಥಿತರಿದ್ದರು. ಕಾರ್ಯಕ್ರಮದ ಅಂಗವಾಗಿ ಕೊಟ್ಟ ಶಂಕರ್ ಅವರನ್ನು ಹಲವು ಸಂಘ ಸಂಸ್ಥೆಗಳ ವತಿಯಿಂದ ಸನ್ಮಾನಿಸಿ ಗೌರವಿಸಲಾಯಿತು. ಸ್ನೇಹ ಬಳಗದ ಸದಸ್ಯರು ಕಾರ್ಯಕ್ರಮದ ಯಶಸ್ಸಿಗೆ ಶ್ರಮಿಸಿದರು.
ಶಿರಾ:ಶಿಕ್ಷಣ ಯಾರ ಸ್ವತ್ತು ಅಲ್ಲ. ಯಾರು ಶ್ರಮದಿಂದ ಸಾಧನೆ ಮಾಡುತ್ತಾರೋ ಅವರ ಸ್ವತ್ತು ಎಂಬುದನ್ನು ಡಾ.ಕೊಟ್ಟ ಶಂಕರ್ ಅವರು ತೋರಿಸಿಕೊಟ್ಟಿದ್ದಾರೆ. ಕಡು ಬಡತನದಲ್ಲಿ ಹುಟ್ಟಿ ಬೆಳೆದು ಉನ್ನತ ಶಿಕ್ಷಣ ಪಡೆದು ಸಮಾಜಕ್ಕೆ ಮಾದರಿಯಾಗಿದ್ದಾರೆ. ದಲಿತ ಸಮುದಾಯದ ಯುವಕರಿಗೆ ಅವರು ಆಶಾಕಿರಣವಾಗಿದ್ದಾರೆ ಎಂದು ಟಿ.ಬಿ.ಜಯಚಂದ್ರ ಹೇಳಿದರು. ನಗರದ ಖಾಸಗಿ ಸಭಾಂಗಣದಲ್ಲಿ ಕೊಟ್ಟ ಶಂಕರ್ ಸ್ನೇಹ ಬಳಗದಿಂದ ಏರ್ಪಡಿಸಿದ್ದ ಅಭಿನಂದನಾ ಸಮಾರಂಭದಲ್ಲಿ ಪಾಲ್ಗೊಂಡು ಮಾತನಾಡಿದರು. ಕೊಟ್ಟ ಶಂಕರ್ ಅವರು ಶಿಕ್ಷಣ ಕ್ಷೇತ್ರದಲ್ಲಿ ಮಾಡಿರುವ ಸಾಧನೆ ಶ್ಲಾಘನೀಯ. ಗ್ರಾಮೀಣ ಭಾಗದ ವಿದ್ಯಾರ್ಥಿಗಳಿಗೆ ಅವರು ಸ್ಫೂರ್ತಿಯಾಗಿದ್ದಾರೆ. ಮುಂದಿನ ದಿನಗಳಲ್ಲಿ ಅವರು ಇನ್ನೂ ಉನ್ನತ ಸ್ಥಾನಗಳನ್ನು ಅಲಂಕರಿಸಲಿ ಎಂದು ಶುಭ ಹಾರೈಸಿದರು. ರಾಜ್ಯ ಮಟ್ಟದಲ್ಲಿ ಗುರುತಿಸಿಕೊಂಡಿರುವ ಅವರು ಬಡವರ ಪರವಾಗಿ ಕೆಲಸ ಮಾಡುತ್ತಿದ್ದಾರೆ ಎಂದರು.
